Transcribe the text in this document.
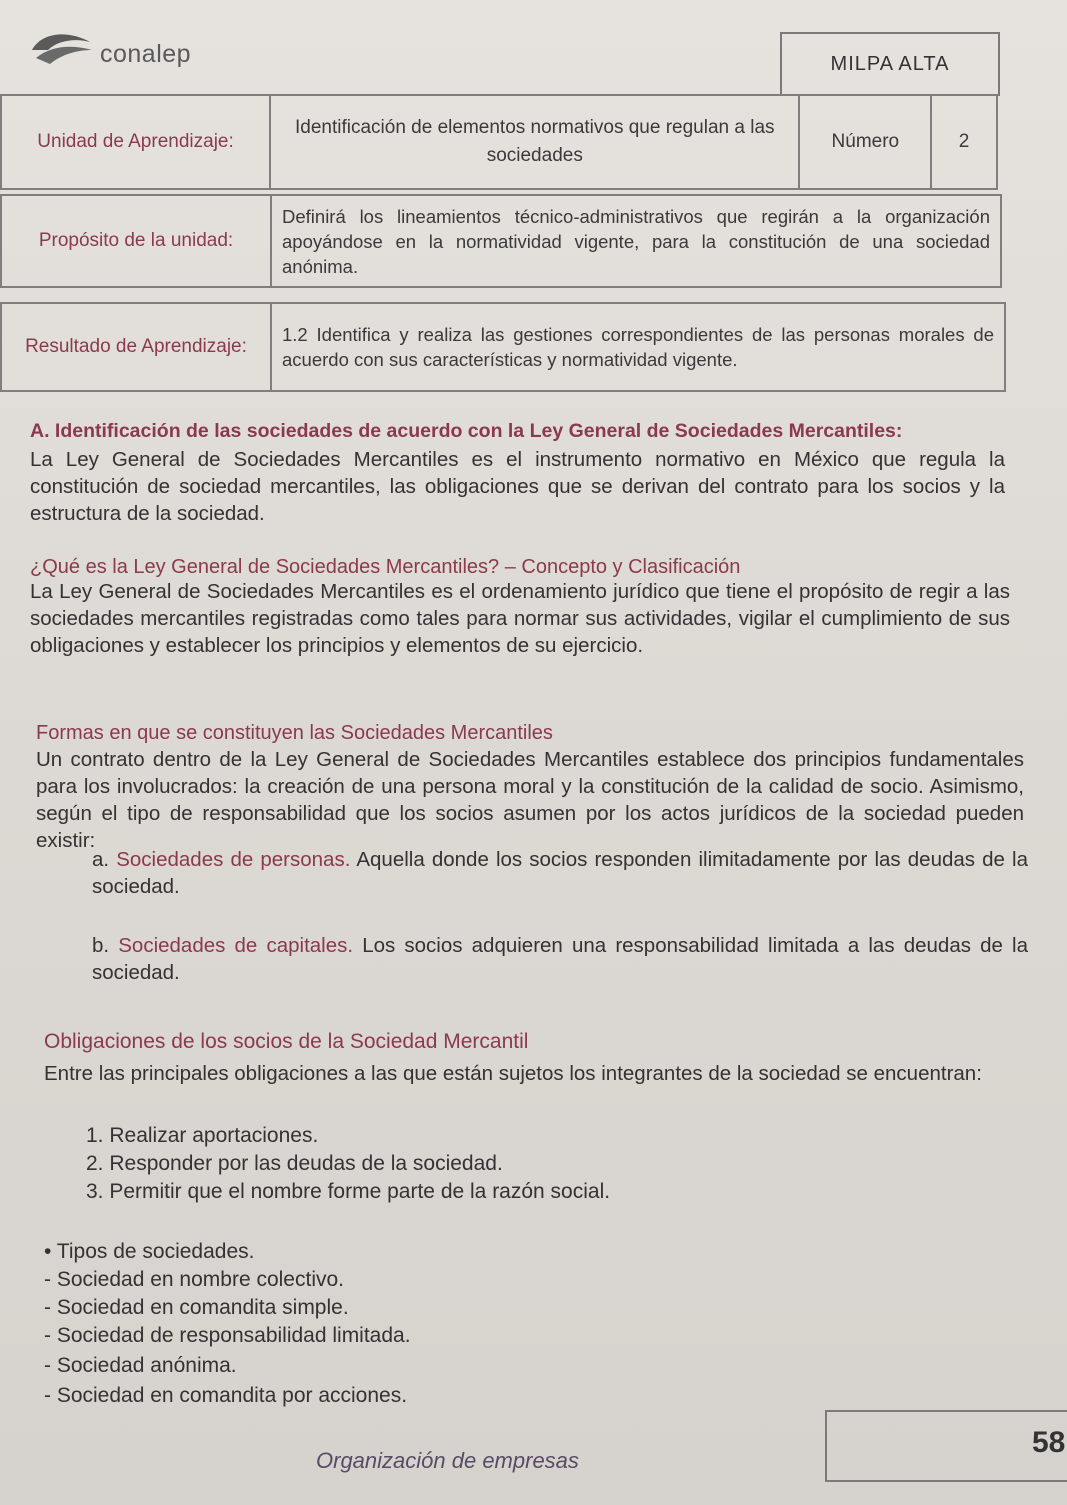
conalep	MILPA ALTA
Unidad de Aprendizaje:	Identificación de elementos normativos que regulan a las sociedades	Número	2
Propósito de la unidad:	Definirá los lineamientos técnico-administrativos que regirán a la organización apoyándose en la normatividad vigente, para la constitución de una sociedad anónima.
Resultado de Aprendizaje:	1.2 Identifica y realiza las gestiones correspondientes de las personas morales de acuerdo con sus características y normatividad vigente.
A. Identificación de las sociedades de acuerdo con la Ley General de Sociedades Mercantiles:
La Ley General de Sociedades Mercantiles es el instrumento normativo en México que regula la constitución de sociedad mercantiles, las obligaciones que se derivan del contrato para los socios y la estructura de la sociedad.
¿Qué es la Ley General de Sociedades Mercantiles? – Concepto y Clasificación
La Ley General de Sociedades Mercantiles es el ordenamiento jurídico que tiene el propósito de regir a las sociedades mercantiles registradas como tales para normar sus actividades, vigilar el cumplimiento de sus obligaciones y establecer los principios y elementos de su ejercicio.
Formas en que se constituyen las Sociedades Mercantiles
Un contrato dentro de la Ley General de Sociedades Mercantiles establece dos principios fundamentales para los involucrados: la creación de una persona moral y la constitución de la calidad de socio. Asimismo, según el tipo de responsabilidad que los socios asumen por los actos jurídicos de la sociedad pueden existir:
a. Sociedades de personas. Aquella donde los socios responden ilimitadamente por las deudas de la sociedad.
b. Sociedades de capitales. Los socios adquieren una responsabilidad limitada a las deudas de la sociedad.
Obligaciones de los socios de la Sociedad Mercantil
Entre las principales obligaciones a las que están sujetos los integrantes de la sociedad se encuentran:
1. Realizar aportaciones.
2. Responder por las deudas de la sociedad.
3. Permitir que el nombre forme parte de la razón social.
• Tipos de sociedades.
- Sociedad en nombre colectivo.
- Sociedad en comandita simple.
- Sociedad de responsabilidad limitada.
- Sociedad anónima.
- Sociedad en comandita por acciones.
Organización de empresas
58
